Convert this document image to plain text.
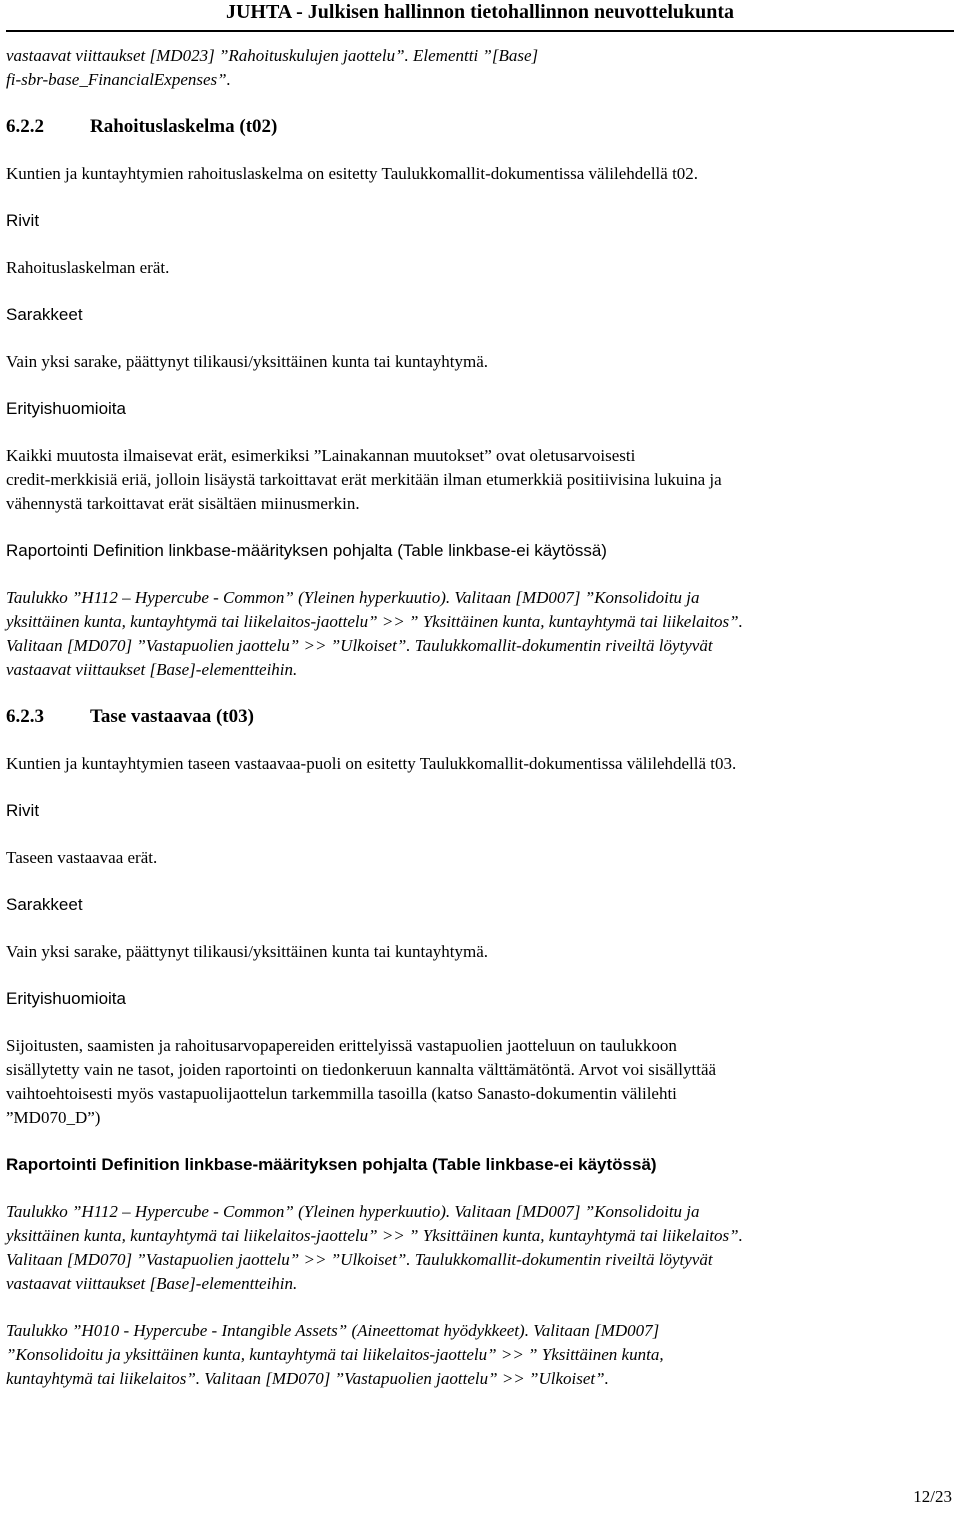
JUHTA - Julkisen hallinnon tietohallinnon neuvottelukunta

vastaavat viittaukset [MD023] ”Rahoituskulujen jaottelu”. Elementti ”[Base]

fi-sbr-base_FinancialExpenses”.

6.2.2 Rahoituslaskelma (t02)

Kuntien ja kuntayhtymien rahoituslaskelma on esitetty Taulukkomallit-dokumentissa välilehdellä t02.

Rivit

Rahoituslaskelman erät.

Sarakkeet

Vain yksi sarake, päättynyt tilikausi/yksittäinen kunta tai kuntayhtymä.

Erityishuomioita

Kaikki muutosta ilmaisevat erät, esimerkiksi ”Lainakannan muutokset” ovat oletusarvoisesti

credit-merkkisiä eriä, jolloin lisäystä tarkoittavat erät merkitään ilman etumerkkiä positiivisina lukuina ja

vähennystä tarkoittavat erät sisältäen miinusmerkin.

Raportointi Definition linkbase-määrityksen pohjalta (Table linkbase-ei käytössä)

Taulukko ”H112 – Hypercube - Common” (Yleinen hyperkuutio). Valitaan [MD007] ”Konsolidoitu ja

yksittäinen kunta, kuntayhtymä tai liikelaitos-jaottelu” >> ” Yksittäinen kunta, kuntayhtymä tai liikelaitos”.

Valitaan [MD070] ”Vastapuolien jaottelu” >> ”Ulkoiset”. Taulukkomallit-dokumentin riveiltä löytyvät

vastaavat viittaukset [Base]-elementteihin.

6.2.3 Tase vastaavaa (t03)

Kuntien ja kuntayhtymien taseen vastaavaa-puoli on esitetty Taulukkomallit-dokumentissa välilehdellä t03.

Rivit

Taseen vastaavaa erät.

Sarakkeet

Vain yksi sarake, päättynyt tilikausi/yksittäinen kunta tai kuntayhtymä.

Erityishuomioita

Sijoitusten, saamisten ja rahoitusarvopapereiden erittelyissä vastapuolien jaotteluun on taulukkoon

sisällytetty vain ne tasot, joiden raportointi on tiedonkeruun kannalta välttämätöntä. Arvot voi sisällyttää

vaihtoehtoisesti myös vastapuolijaottelun tarkemmilla tasoilla (katso Sanasto-dokumentin välilehti

”MD070_D”)

Raportointi Definition linkbase-määrityksen pohjalta (Table linkbase-ei käytössä)

Taulukko ”H112 – Hypercube - Common” (Yleinen hyperkuutio). Valitaan [MD007] ”Konsolidoitu ja

yksittäinen kunta, kuntayhtymä tai liikelaitos-jaottelu” >> ” Yksittäinen kunta, kuntayhtymä tai liikelaitos”.

Valitaan [MD070] ”Vastapuolien jaottelu” >> ”Ulkoiset”. Taulukkomallit-dokumentin riveiltä löytyvät

vastaavat viittaukset [Base]-elementteihin.

Taulukko ”H010 - Hypercube - Intangible Assets” (Aineettomat hyödykkeet). Valitaan [MD007]

”Konsolidoitu ja yksittäinen kunta, kuntayhtymä tai liikelaitos-jaottelu” >> ” Yksittäinen kunta,

kuntayhtymä tai liikelaitos”. Valitaan [MD070] ”Vastapuolien jaottelu” >> ”Ulkoiset”.

12/23
